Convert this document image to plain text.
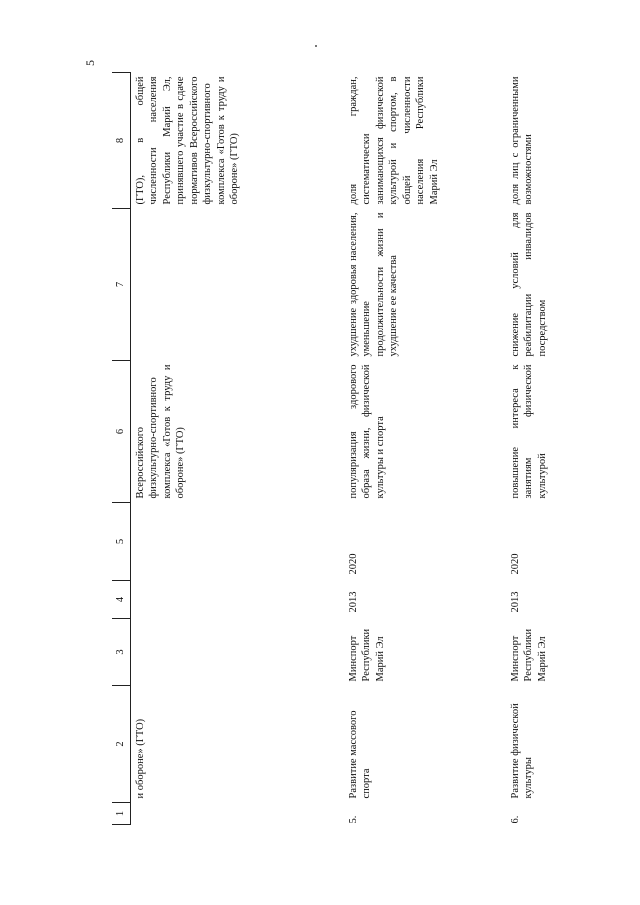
5
1	2	3	4	5	6	7	8
	и обороне» (ГТО)				Всероссийского физкультурно-спортивного комплекса «Готов к труду и обороне» (ГТО)		(ГТО), в общей численности населения Республики Марий Эл, принявшего участие в сдаче нормативов Всероссийского физкультурно-спортивного комплекса «Готов к труду и обороне» (ГТО)
5.	Развитие массового спорта	Минспорт Республики Марий Эл	2013	2020	популяризация здорового образа жизни, физической культуры и спорта	ухудшение здоровья населения, уменьшение продолжительности жизни и ухудшение ее качества	доля граждан, систематически занимающихся физической культурой и спортом, в общей численности населения Республики Марий Эл
6.	Развитие физической культуры	Минспорт Республики Марий Эл	2013	2020	повышение интереса к занятиям физической культурой	снижение условий для реабилитации инвалидов посредством	доля лиц с ограниченными возможностями
